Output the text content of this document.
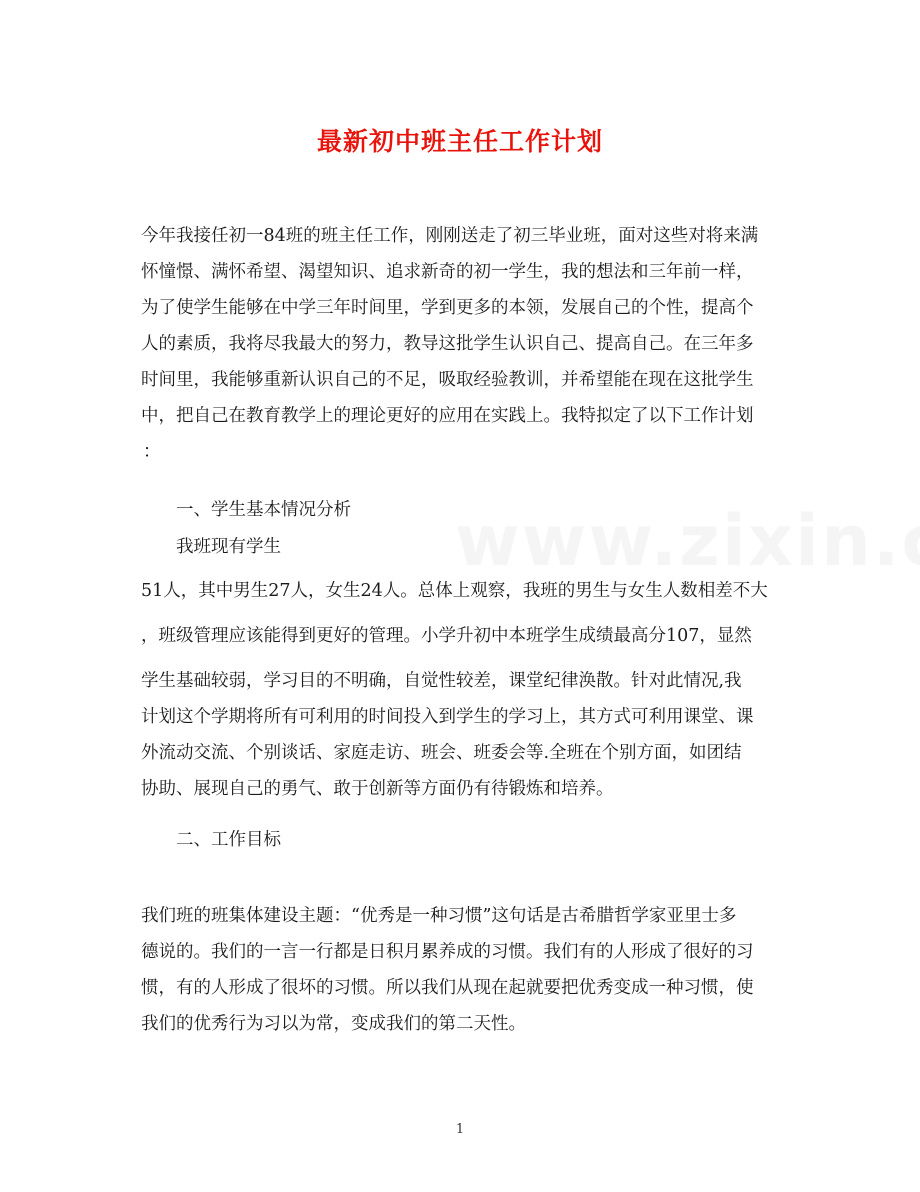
最新初中班主任工作计划
今年我接任初一84班的班主任工作，刚刚送走了初三毕业班，面对这些对将来满
怀憧憬、满怀希望、渴望知识、追求新奇的初一学生，我的想法和三年前一样，
为了使学生能够在中学三年时间里，学到更多的本领，发展自己的个性，提高个
人的素质，我将尽我最大的努力，教导这批学生认识自己、提高自己。在三年多
时间里，我能够重新认识自己的不足，吸取经验教训，并希望能在现在这批学生
中，把自己在教育教学上的理论更好的应用在实践上。我特拟定了以下工作计划
：
一、学生基本情况分析
我班现有学生
51人，其中男生27人，女生24人。总体上观察，我班的男生与女生人数相差不大
，班级管理应该能得到更好的管理。小学升初中本班学生成绩最高分107，显然
学生基础较弱，学习目的不明确，自觉性较差，课堂纪律涣散。针对此情况,我
计划这个学期将所有可利用的时间投入到学生的学习上，其方式可利用课堂、课
外流动交流、个别谈话、家庭走访、班会、班委会等.全班在个别方面，如团结
协助、展现自己的勇气、敢于创新等方面仍有待锻炼和培养。
二、工作目标
我们班的班集体建设主题：“优秀是一种习惯”这句话是古希腊哲学家亚里士多
德说的。我们的一言一行都是日积月累养成的习惯。我们有的人形成了很好的习
惯，有的人形成了很坏的习惯。所以我们从现在起就要把优秀变成一种习惯，使
我们的优秀行为习以为常，变成我们的第二天性。
1
